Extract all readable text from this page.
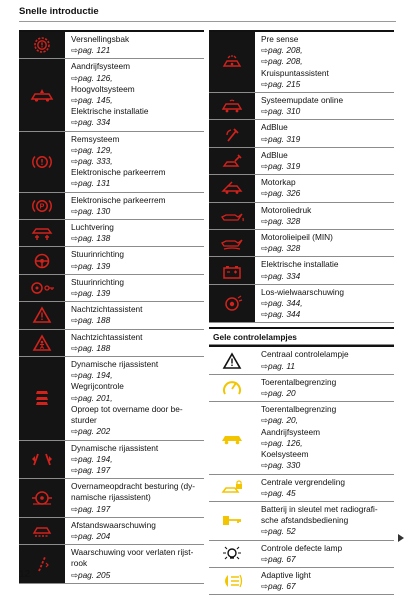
Snelle introductie
Versnellingsbak
⇨pag. 121
Aandrijfsysteem
⇨pag. 126,
Hoogvoltsysteem
⇨pag. 145,
Elektrische installatie
⇨pag. 334
Remsysteem
⇨pag. 129,
⇨pag. 333,
Elektronische parkeerrem
⇨pag. 131
P
Elektronische parkeerrem
⇨pag. 130
Luchtvering
⇨pag. 138
Stuurinrichting
⇨pag. 139
Stuurinrichting
⇨pag. 139
Nachtzichtassistent
⇨pag. 188
Nachtzichtassistent
⇨pag. 188
Dynamische rijassistent
⇨pag. 194,
Wegrijcontrole
⇨pag. 201,
Oproep tot overname door be-
sturder
⇨pag. 202
Dynamische rijassistent
⇨pag. 194,
⇨pag. 197
Overnameopdracht besturing (dy-
namische rijassistent)
⇨pag. 197
Afstandswaarschuwing
⇨pag. 204
Waarschuwing voor verlaten rijst-
rook
⇨pag. 205
Pre sense
⇨pag. 208,
⇨pag. 208,
Kruispuntassistent
⇨pag. 215
Systeemupdate online
⇨pag. 310
AdBlue
⇨pag. 319
AdBlue
⇨pag. 319
Motorkap
⇨pag. 326
Motoroliedruk
⇨pag. 328
Motorolieipeil (MIN)
⇨pag. 328
Elektrische installatie
⇨pag. 334
Los-wielwaarschuwing
⇨pag. 344,
⇨pag. 344
Gele controlelampjes
Centraal controlelampje
⇨pag. 11
Toerentalbegrenzing
⇨pag. 20
Toerentalbegrenzing
⇨pag. 20,
Aandrijfsysteem
⇨pag. 126,
Koelsysteem
⇨pag. 330
Centrale vergrendeling
⇨pag. 45
Batterij in sleutel met radiografi-
sche afstandsbediening
⇨pag. 52
Controle defecte lamp
⇨pag. 67
Adaptive light
⇨pag. 67
12
